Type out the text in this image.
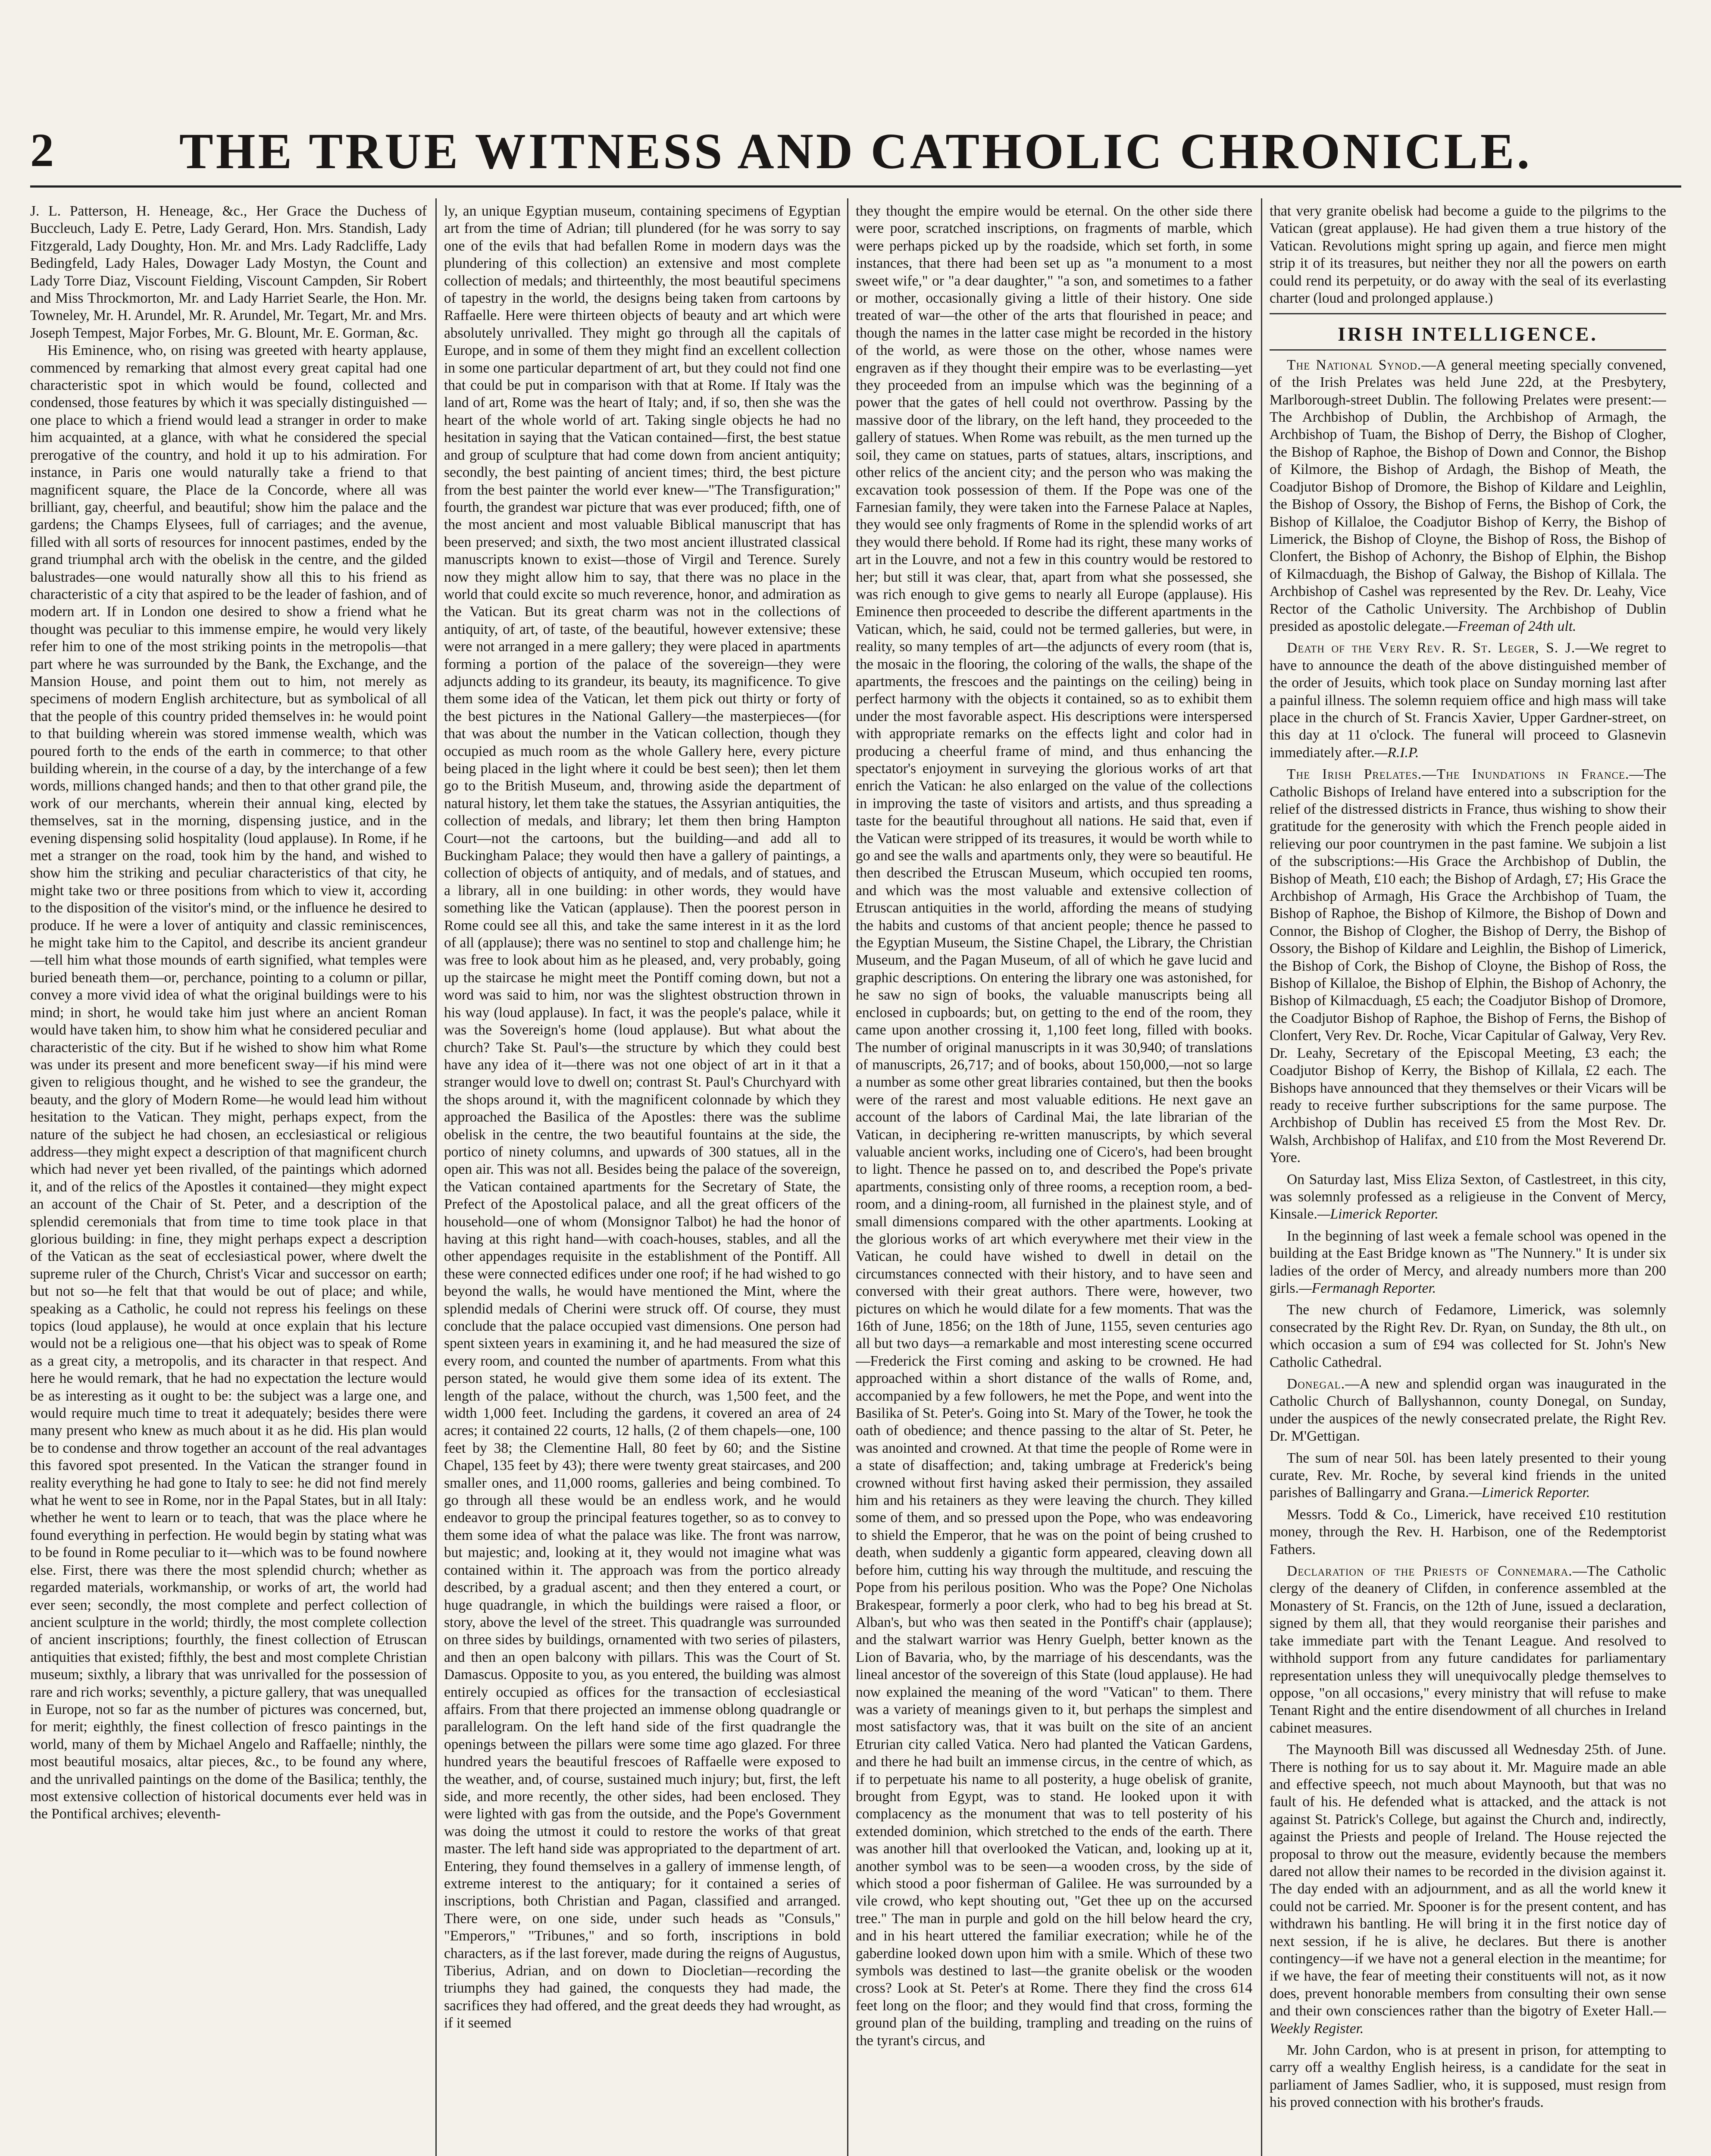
2	THE TRUE WITNESS AND CATHOLIC CHRONICLE.

J. L. Patterson, H. Heneage, &c., Her Grace the Duchess of Buccleuch, Lady E. Petre, Lady Gerard, Hon. Mrs. Standish, Lady Fitzgerald, Lady Doughty, Hon. Mr. and Mrs. Lady Radcliffe, Lady Bedingfeld, Lady Hales, Dowager Lady Mostyn, the Count and Lady Torre Diaz, Viscount Fielding, Viscount Campden, Sir Robert and Miss Throckmorton, Mr. and Lady Harriet Searle, the Hon. Mr. Towneley, Mr. H. Arundel, Mr. R. Arundel, Mr. Tegart, Mr. and Mrs. Joseph Tempest, Major Forbes, Mr. G. Blount, Mr. E. Gorman, &c.

His Eminence, who, on rising was greeted with hearty applause, commenced by remarking that almost every great capital had one characteristic spot in which would be found, collected and condensed, those features by which it was specially distinguished —one place to which a friend would lead a stranger in order to make him acquainted, at a glance, with what he considered the special prerogative of the country, and hold it up to his admiration. For instance, in Paris one would naturally take a friend to that magnificent square, the Place de la Concorde, where all was brilliant, gay, cheerful, and beautiful; show him the palace and the gardens; the Champs Elysees, full of carriages; and the avenue, filled with all sorts of resources for innocent pastimes, ended by the grand triumphal arch with the obelisk in the centre, and the gilded balustrades—one would naturally show all this to his friend as characteristic of a city that aspired to be the leader of fashion, and of modern art. If in London one desired to show a friend what he thought was peculiar to this immense empire, he would very likely refer him to one of the most striking points in the metropolis—that part where he was surrounded by the Bank, the Exchange, and the Mansion House, and point them out to him, not merely as specimens of modern English architecture, but as symbolical of all that the people of this country prided themselves in: he would point to that building wherein was stored immense wealth, which was poured forth to the ends of the earth in commerce; to that other building wherein, in the course of a day, by the interchange of a few words, millions changed hands; and then to that other grand pile, the work of our merchants, wherein their annual king, elected by themselves, sat in the morning, dispensing justice, and in the evening dispensing solid hospitality (loud applause). In Rome, if he met a stranger on the road, took him by the hand, and wished to show him the striking and peculiar characteristics of that city, he might take two or three positions from which to view it, according to the disposition of the visitor's mind, or the influence he desired to produce. If he were a lover of antiquity and classic reminiscences, he might take him to the Capitol, and describe its ancient grandeur—tell him what those mounds of earth signified, what temples were buried beneath them—or, perchance, pointing to a column or pillar, convey a more vivid idea of what the original buildings were to his mind; in short, he would take him just where an ancient Roman would have taken him, to show him what he considered peculiar and characteristic of the city. But if he wished to show him what Rome was under its present and more beneficent sway—if his mind were given to religious thought, and he wished to see the grandeur, the beauty, and the glory of Modern Rome—he would lead him without hesitation to the Vatican. They might, perhaps expect, from the nature of the subject he had chosen, an ecclesiastical or religious address—they might expect a description of that magnificent church which had never yet been rivalled, of the paintings which adorned it, and of the relics of the Apostles it contained—they might expect an account of the Chair of St. Peter, and a description of the splendid ceremonials that from time to time took place in that glorious building: in fine, they might perhaps expect a description of the Vatican as the seat of ecclesiastical power, where dwelt the supreme ruler of the Church, Christ's Vicar and successor on earth; but not so—he felt that that would be out of place; and while, speaking as a Catholic, he could not repress his feelings on these topics (loud applause), he would at once explain that his lecture would not be a religious one—that his object was to speak of Rome as a great city, a metropolis, and its character in that respect. And here he would remark, that he had no expectation the lecture would be as interesting as it ought to be: the subject was a large one, and would require much time to treat it adequately; besides there were many present who knew as much about it as he did. His plan would be to condense and throw together an account of the real advantages this favored spot presented. In the Vatican the stranger found in reality everything he had gone to Italy to see: he did not find merely what he went to see in Rome, nor in the Papal States, but in all Italy: whether he went to learn or to teach, that was the place where he found everything in perfection. He would begin by stating what was to be found in Rome peculiar to it—which was to be found nowhere else. First, there was there the most splendid church; whether as regarded materials, workmanship, or works of art, the world had ever seen; secondly, the most complete and perfect collection of ancient sculpture in the world; thirdly, the most complete collection of ancient inscriptions; fourthly, the finest collection of Etruscan antiquities that existed; fifthly, the best and most complete Christian museum; sixthly, a library that was unrivalled for the possession of rare and rich works; seventhly, a picture gallery, that was unequalled in Europe, not so far as the number of pictures was concerned, but, for merit; eighthly, the finest collection of fresco paintings in the world, many of them by Michael Angelo and Raffaelle; ninthly, the most beautiful mosaics, altar pieces, &c., to be found any where, and the unrivalled paintings on the dome of the Basilica; tenthly, the most extensive collection of historical documents ever held was in the Pontifical archives; eleventh-

ly, an unique Egyptian museum, containing specimens of Egyptian art from the time of Adrian; till plundered (for he was sorry to say one of the evils that had befallen Rome in modern days was the plundering of this collection) an extensive and most complete collection of medals; and thirteenthly, the most beautiful specimens of tapestry in the world, the designs being taken from cartoons by Raffaelle. Here were thirteen objects of beauty and art which were absolutely unrivalled. They might go through all the capitals of Europe, and in some of them they might find an excellent collection in some one particular department of art, but they could not find one that could be put in comparison with that at Rome. If Italy was the land of art, Rome was the heart of Italy; and, if so, then she was the heart of the whole world of art. Taking single objects he had no hesitation in saying that the Vatican contained—first, the best statue and group of sculpture that had come down from ancient antiquity; secondly, the best painting of ancient times; third, the best picture from the best painter the world ever knew—"The Transfiguration;" fourth, the grandest war picture that was ever produced; fifth, one of the most ancient and most valuable Biblical manuscript that has been preserved; and sixth, the two most ancient illustrated classical manuscripts known to exist—those of Virgil and Terence. Surely now they might allow him to say, that there was no place in the world that could excite so much reverence, honor, and admiration as the Vatican. But its great charm was not in the collections of antiquity, of art, of taste, of the beautiful, however extensive; these were not arranged in a mere gallery; they were placed in apartments forming a portion of the palace of the sovereign—they were adjuncts adding to its grandeur, its beauty, its magnificence. To give them some idea of the Vatican, let them pick out thirty or forty of the best pictures in the National Gallery—the masterpieces—(for that was about the number in the Vatican collection, though they occupied as much room as the whole Gallery here, every picture being placed in the light where it could be best seen); then let them go to the British Museum, and, throwing aside the department of natural history, let them take the statues, the Assyrian antiquities, the collection of medals, and library; let them then bring Hampton Court—not the cartoons, but the building—and add all to Buckingham Palace; they would then have a gallery of paintings, a collection of objects of antiquity, and of medals, and of statues, and a library, all in one building: in other words, they would have something like the Vatican (applause). Then the poorest person in Rome could see all this, and take the same interest in it as the lord of all (applause); there was no sentinel to stop and challenge him; he was free to look about him as he pleased, and, very probably, going up the staircase he might meet the Pontiff coming down, but not a word was said to him, nor was the slightest obstruction thrown in his way (loud applause). In fact, it was the people's palace, while it was the Sovereign's home (loud applause). But what about the church? Take St. Paul's—the structure by which they could best have any idea of it—there was not one object of art in it that a stranger would love to dwell on; contrast St. Paul's Churchyard with the shops around it, with the magnificent colonnade by which they approached the Basilica of the Apostles: there was the sublime obelisk in the centre, the two beautiful fountains at the side, the portico of ninety columns, and upwards of 300 statues, all in the open air. This was not all. Besides being the palace of the sovereign, the Vatican contained apartments for the Secretary of State, the Prefect of the Apostolical palace, and all the great officers of the household—one of whom (Monsignor Talbot) he had the honor of having at this right hand—with coach-houses, stables, and all the other appendages requisite in the establishment of the Pontiff. All these were connected edifices under one roof; if he had wished to go beyond the walls, he would have mentioned the Mint, where the splendid medals of Cherini were struck off. Of course, they must conclude that the palace occupied vast dimensions. One person had spent sixteen years in examining it, and he had measured the size of every room, and counted the number of apartments. From what this person stated, he would give them some idea of its extent. The length of the palace, without the church, was 1,500 feet, and the width 1,000 feet. Including the gardens, it covered an area of 24 acres; it contained 22 courts, 12 halls, (2 of them chapels—one, 100 feet by 38; the Clementine Hall, 80 feet by 60; and the Sistine Chapel, 135 feet by 43); there were twenty great staircases, and 200 smaller ones, and 11,000 rooms, galleries and being combined. To go through all these would be an endless work, and he would endeavor to group the principal features together, so as to convey to them some idea of what the palace was like. The front was narrow, but majestic; and, looking at it, they would not imagine what was contained within it. The approach was from the portico already described, by a gradual ascent; and then they entered a court, or huge quadrangle, in which the buildings were raised a floor, or story, above the level of the street. This quadrangle was surrounded on three sides by buildings, ornamented with two series of pilasters, and then an open balcony with pillars. This was the Court of St. Damascus. Opposite to you, as you entered, the building was almost entirely occupied as offices for the transaction of ecclesiastical affairs. From that there projected an immense oblong quadrangle or parallelogram. On the left hand side of the first quadrangle the openings between the pillars were some time ago glazed. For three hundred years the beautiful frescoes of Raffaelle were exposed to the weather, and, of course, sustained much injury; but, first, the left side, and more recently, the other sides, had been enclosed. They were lighted with gas from the outside, and the Pope's Government was doing the utmost it could to restore the works of that great master. The left hand side was appropriated to the department of art. Entering, they found themselves in a gallery of immense length, of extreme interest to the antiquary; for it contained a series of inscriptions, both Christian and Pagan, classified and arranged. There were, on one side, under such heads as "Consuls," "Emperors," "Tribunes," and so forth, inscriptions in bold characters, as if the last forever, made during the reigns of Augustus, Tiberius, Adrian, and on down to Diocletian—recording the triumphs they had gained, the conquests they had made, the sacrifices they had offered, and the great deeds they had wrought, as if it seemed

they thought the empire would be eternal. On the other side there were poor, scratched inscriptions, on fragments of marble, which were perhaps picked up by the roadside, which set forth, in some instances, that there had been set up as "a monument to a most sweet wife," or "a dear daughter," "a son, and sometimes to a father or mother, occasionally giving a little of their history. One side treated of war—the other of the arts that flourished in peace; and though the names in the latter case might be recorded in the history of the world, as were those on the other, whose names were engraven as if they thought their empire was to be everlasting—yet they proceeded from an impulse which was the beginning of a power that the gates of hell could not overthrow. Passing by the massive door of the library, on the left hand, they proceeded to the gallery of statues. When Rome was rebuilt, as the men turned up the soil, they came on statues, parts of statues, altars, inscriptions, and other relics of the ancient city; and the person who was making the excavation took possession of them. If the Pope was one of the Farnesian family, they were taken into the Farnese Palace at Naples, they would see only fragments of Rome in the splendid works of art they would there behold. If Rome had its right, these many works of art in the Louvre, and not a few in this country would be restored to her; but still it was clear, that, apart from what she possessed, she was rich enough to give gems to nearly all Europe (applause). His Eminence then proceeded to describe the different apartments in the Vatican, which, he said, could not be termed galleries, but were, in reality, so many temples of art—the adjuncts of every room (that is, the mosaic in the flooring, the coloring of the walls, the shape of the apartments, the frescoes and the paintings on the ceiling) being in perfect harmony with the objects it contained, so as to exhibit them under the most favorable aspect. His descriptions were interspersed with appropriate remarks on the effects light and color had in producing a cheerful frame of mind, and thus enhancing the spectator's enjoyment in surveying the glorious works of art that enrich the Vatican: he also enlarged on the value of the collections in improving the taste of visitors and artists, and thus spreading a taste for the beautiful throughout all nations. He said that, even if the Vatican were stripped of its treasures, it would be worth while to go and see the walls and apartments only, they were so beautiful. He then described the Etruscan Museum, which occupied ten rooms, and which was the most valuable and extensive collection of Etruscan antiquities in the world, affording the means of studying the habits and customs of that ancient people; thence he passed to the Egyptian Museum, the Sistine Chapel, the Library, the Christian Museum, and the Pagan Museum, of all of which he gave lucid and graphic descriptions. On entering the library one was astonished, for he saw no sign of books, the valuable manuscripts being all enclosed in cupboards; but, on getting to the end of the room, they came upon another crossing it, 1,100 feet long, filled with books. The number of original manuscripts in it was 30,940; of translations of manuscripts, 26,717; and of books, about 150,000,—not so large a number as some other great libraries contained, but then the books were of the rarest and most valuable editions. He next gave an account of the labors of Cardinal Mai, the late librarian of the Vatican, in deciphering re-written manuscripts, by which several valuable ancient works, including one of Cicero's, had been brought to light. Thence he passed on to, and described the Pope's private apartments, consisting only of three rooms, a reception room, a bed-room, and a dining-room, all furnished in the plainest style, and of small dimensions compared with the other apartments. Looking at the glorious works of art which everywhere met their view in the Vatican, he could have wished to dwell in detail on the circumstances connected with their history, and to have seen and conversed with their great authors. There were, however, two pictures on which he would dilate for a few moments. That was the 16th of June, 1856; on the 18th of June, 1155, seven centuries ago all but two days—a remarkable and most interesting scene occurred—Frederick the First coming and asking to be crowned. He had approached within a short distance of the walls of Rome, and, accompanied by a few followers, he met the Pope, and went into the Basilika of St. Peter's. Going into St. Mary of the Tower, he took the oath of obedience; and thence passing to the altar of St. Peter, he was anointed and crowned. At that time the people of Rome were in a state of disaffection; and, taking umbrage at Frederick's being crowned without first having asked their permission, they assailed him and his retainers as they were leaving the church. They killed some of them, and so pressed upon the Pope, who was endeavoring to shield the Emperor, that he was on the point of being crushed to death, when suddenly a gigantic form appeared, cleaving down all before him, cutting his way through the multitude, and rescuing the Pope from his perilous position. Who was the Pope? One Nicholas Brakespear, formerly a poor clerk, who had to beg his bread at St. Alban's, but who was then seated in the Pontiff's chair (applause); and the stalwart warrior was Henry Guelph, better known as the Lion of Bavaria, who, by the marriage of his descendants, was the lineal ancestor of the sovereign of this State (loud applause). He had now explained the meaning of the word "Vatican" to them. There was a variety of meanings given to it, but perhaps the simplest and most satisfactory was, that it was built on the site of an ancient Etrurian city called Vatica. Nero had planted the Vatican Gardens, and there he had built an immense circus, in the centre of which, as if to perpetuate his name to all posterity, a huge obelisk of granite, brought from Egypt, was to stand. He looked upon it with complacency as the monument that was to tell posterity of his extended dominion, which stretched to the ends of the earth. There was another hill that overlooked the Vatican, and, looking up at it, another symbol was to be seen—a wooden cross, by the side of which stood a poor fisherman of Galilee. He was surrounded by a vile crowd, who kept shouting out, "Get thee up on the accursed tree." The man in purple and gold on the hill below heard the cry, and in his heart uttered the familiar execration; while he of the gaberdine looked down upon him with a smile. Which of these two symbols was destined to last—the granite obelisk or the wooden cross? Look at St. Peter's at Rome. There they find the cross 614 feet long on the floor; and they would find that cross, forming the ground plan of the building, trampling and treading on the ruins of the tyrant's circus, and

that very granite obelisk had become a guide to the pilgrims to the Vatican (great applause). He had given them a true history of the Vatican. Revolutions might spring up again, and fierce men might strip it of its treasures, but neither they nor all the powers on earth could rend its perpetuity, or do away with the seal of its everlasting charter (loud and prolonged applause.)

IRISH INTELLIGENCE.

The National Synod.—A general meeting specially convened, of the Irish Prelates was held June 22d, at the Presbytery, Marlborough-street Dublin. The following Prelates were present:—The Archbishop of Dublin, the Archbishop of Armagh, the Archbishop of Tuam, the Bishop of Derry, the Bishop of Clogher, the Bishop of Raphoe, the Bishop of Down and Connor, the Bishop of Kilmore, the Bishop of Ardagh, the Bishop of Meath, the Coadjutor Bishop of Dromore, the Bishop of Kildare and Leighlin, the Bishop of Ossory, the Bishop of Ferns, the Bishop of Cork, the Bishop of Killaloe, the Coadjutor Bishop of Kerry, the Bishop of Limerick, the Bishop of Cloyne, the Bishop of Ross, the Bishop of Clonfert, the Bishop of Achonry, the Bishop of Elphin, the Bishop of Kilmacduagh, the Bishop of Galway, the Bishop of Killala. The Archbishop of Cashel was represented by the Rev. Dr. Leahy, Vice Rector of the Catholic University. The Archbishop of Dublin presided as apostolic delegate.—Freeman of 24th ult.

Death of the Very Rev. R. St. Leger, S. J.—We regret to have to announce the death of the above distinguished member of the order of Jesuits, which took place on Sunday morning last after a painful illness. The solemn requiem office and high mass will take place in the church of St. Francis Xavier, Upper Gardner-street, on this day at 11 o'clock. The funeral will proceed to Glasnevin immediately after.—R.I.P.

The Irish Prelates.—The Inundations in France.—The Catholic Bishops of Ireland have entered into a subscription for the relief of the distressed districts in France, thus wishing to show their gratitude for the generosity with which the French people aided in relieving our poor countrymen in the past famine. We subjoin a list of the subscriptions:—His Grace the Archbishop of Dublin, the Bishop of Meath, £10 each; the Bishop of Ardagh, £7; His Grace the Archbishop of Armagh, His Grace the Archbishop of Tuam, the Bishop of Raphoe, the Bishop of Kilmore, the Bishop of Down and Connor, the Bishop of Clogher, the Bishop of Derry, the Bishop of Ossory, the Bishop of Kildare and Leighlin, the Bishop of Limerick, the Bishop of Cork, the Bishop of Cloyne, the Bishop of Ross, the Bishop of Killaloe, the Bishop of Elphin, the Bishop of Achonry, the Bishop of Kilmacduagh, £5 each; the Coadjutor Bishop of Dromore, the Coadjutor Bishop of Raphoe, the Bishop of Ferns, the Bishop of Clonfert, Very Rev. Dr. Roche, Vicar Capitular of Galway, Very Rev. Dr. Leahy, Secretary of the Episcopal Meeting, £3 each; the Coadjutor Bishop of Kerry, the Bishop of Killala, £2 each. The Bishops have announced that they themselves or their Vicars will be ready to receive further subscriptions for the same purpose. The Archbishop of Dublin has received £5 from the Most Rev. Dr. Walsh, Archbishop of Halifax, and £10 from the Most Reverend Dr. Yore.

On Saturday last, Miss Eliza Sexton, of Castlestreet, in this city, was solemnly professed as a religieuse in the Convent of Mercy, Kinsale.—Limerick Reporter.

In the beginning of last week a female school was opened in the building at the East Bridge known as "The Nunnery." It is under six ladies of the order of Mercy, and already numbers more than 200 girls.—Fermanagh Reporter.

The new church of Fedamore, Limerick, was solemnly consecrated by the Right Rev. Dr. Ryan, on Sunday, the 8th ult., on which occasion a sum of £94 was collected for St. John's New Catholic Cathedral.

Donegal.—A new and splendid organ was inaugurated in the Catholic Church of Ballyshannon, county Donegal, on Sunday, under the auspices of the newly consecrated prelate, the Right Rev. Dr. M'Gettigan.

The sum of near 50l. has been lately presented to their young curate, Rev. Mr. Roche, by several kind friends in the united parishes of Ballingarry and Grana.—Limerick Reporter.

Messrs. Todd & Co., Limerick, have received £10 restitution money, through the Rev. H. Harbison, one of the Redemptorist Fathers.

Declaration of the Priests of Connemara.—The Catholic clergy of the deanery of Clifden, in conference assembled at the Monastery of St. Francis, on the 12th of June, issued a declaration, signed by them all, that they would reorganise their parishes and take immediate part with the Tenant League. And resolved to withhold support from any future candidates for parliamentary representation unless they will unequivocally pledge themselves to oppose, "on all occasions," every ministry that will refuse to make Tenant Right and the entire disendowment of all churches in Ireland cabinet measures.

The Maynooth Bill was discussed all Wednesday 25th. of June. There is nothing for us to say about it. Mr. Maguire made an able and effective speech, not much about Maynooth, but that was no fault of his. He defended what is attacked, and the attack is not against St. Patrick's College, but against the Church and, indirectly, against the Priests and people of Ireland. The House rejected the proposal to throw out the measure, evidently because the members dared not allow their names to be recorded in the division against it. The day ended with an adjournment, and as all the world knew it could not be carried. Mr. Spooner is for the present content, and has withdrawn his bantling. He will bring it in the first notice day of next session, if he is alive, he declares. But there is another contingency—if we have not a general election in the meantime; for if we have, the fear of meeting their constituents will not, as it now does, prevent honorable members from consulting their own sense and their own consciences rather than the bigotry of Exeter Hall.—Weekly Register.

Mr. John Cardon, who is at present in prison, for attempting to carry off a wealthy English heiress, is a candidate for the seat in parliament of James Sadlier, who, it is supposed, must resign from his proved connection with his brother's frauds.
